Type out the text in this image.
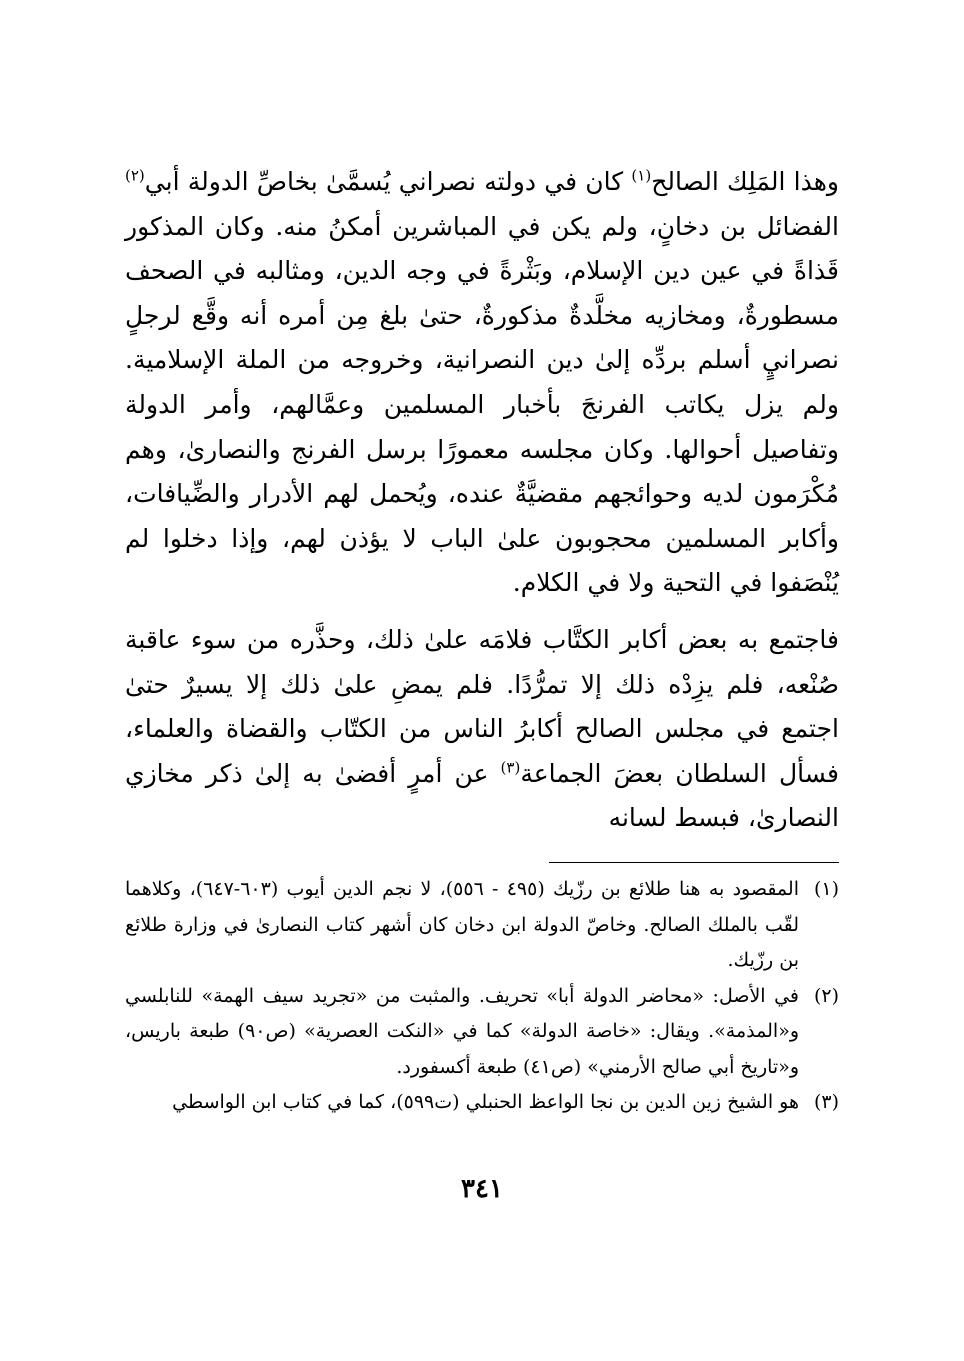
وهذا المَلِك الصالح$^{(١)}$ كان في دولته نصراني يُسمَّىٰ بخاصِّ الدولة أبي$^{(٢)}$ الفضائل بن دخانٍ، ولم يكن في المباشرين أمكنُ منه. وكان المذكور قَذاةً في عين دين الإسلام، وبَثْرةً في وجه الدين، ومثالبه في الصحف مسطورةٌ، ومخازيه مخلَّدةٌ مذكورةٌ، حتىٰ بلغ مِن أمره أنه وقَّع لرجلٍ نصرانيٍ أسلم بردِّه إلىٰ دين النصرانية، وخروجه من الملة الإسلامية. ولم يزل يكاتب الفرنجَ بأخبار المسلمين وعمَّالهم، وأمر الدولة وتفاصيل أحوالها. وكان مجلسه معمورًا برسل الفرنج والنصارىٰ، وهم مُكْرَمون لديه وحوائجهم مقضيَّةٌ عنده، ويُحمل لهم الأدرار والضِّيافات، وأكابر المسلمين محجوبون علىٰ الباب لا يؤذن لهم، وإذا دخلوا لم يُنْصَفوا في التحية ولا في الكلام.

فاجتمع به بعض أكابر الكتَّاب فلامَه علىٰ ذلك، وحذَّره من سوء عاقبة صُنْعه، فلم يزِدْه ذلك إلا تمرُّدًا. فلم يمضِ علىٰ ذلك إلا يسيرٌ حتىٰ اجتمع في مجلس الصالح أكابرُ الناس من الكتّاب والقضاة والعلماء، فسأل السلطان بعضَ الجماعة$^{(٣)}$ عن أمرٍ أفضىٰ به إلىٰ ذكر مخازي النصارىٰ، فبسط لسانه

(١)
المقصود به هنا طلائع بن رزّيك (٤٩٥ - ٥٥٦)، لا نجم الدين أيوب (٦٠٣-٦٤٧)، وكلاهما لقّب بالملك الصالح. وخاصّ الدولة ابن دخان كان أشهر كتاب النصارىٰ في وزارة طلائع بن رزّيك.
(٢)
في الأصل: «محاضر الدولة أبا» تحريف. والمثبت من «تجريد سيف الهمة» للنابلسي و«المذمة». ويقال: «خاصة الدولة» كما في «النكت العصرية» (ص٩٠) طبعة باريس، و«تاريخ أبي صالح الأرمني» (ص٤١) طبعة أكسفورد.
(٣)
هو الشيخ زين الدين بن نجا الواعظ الحنبلي (ت٥٩٩)، كما في كتاب ابن الواسطي
٣٤١
